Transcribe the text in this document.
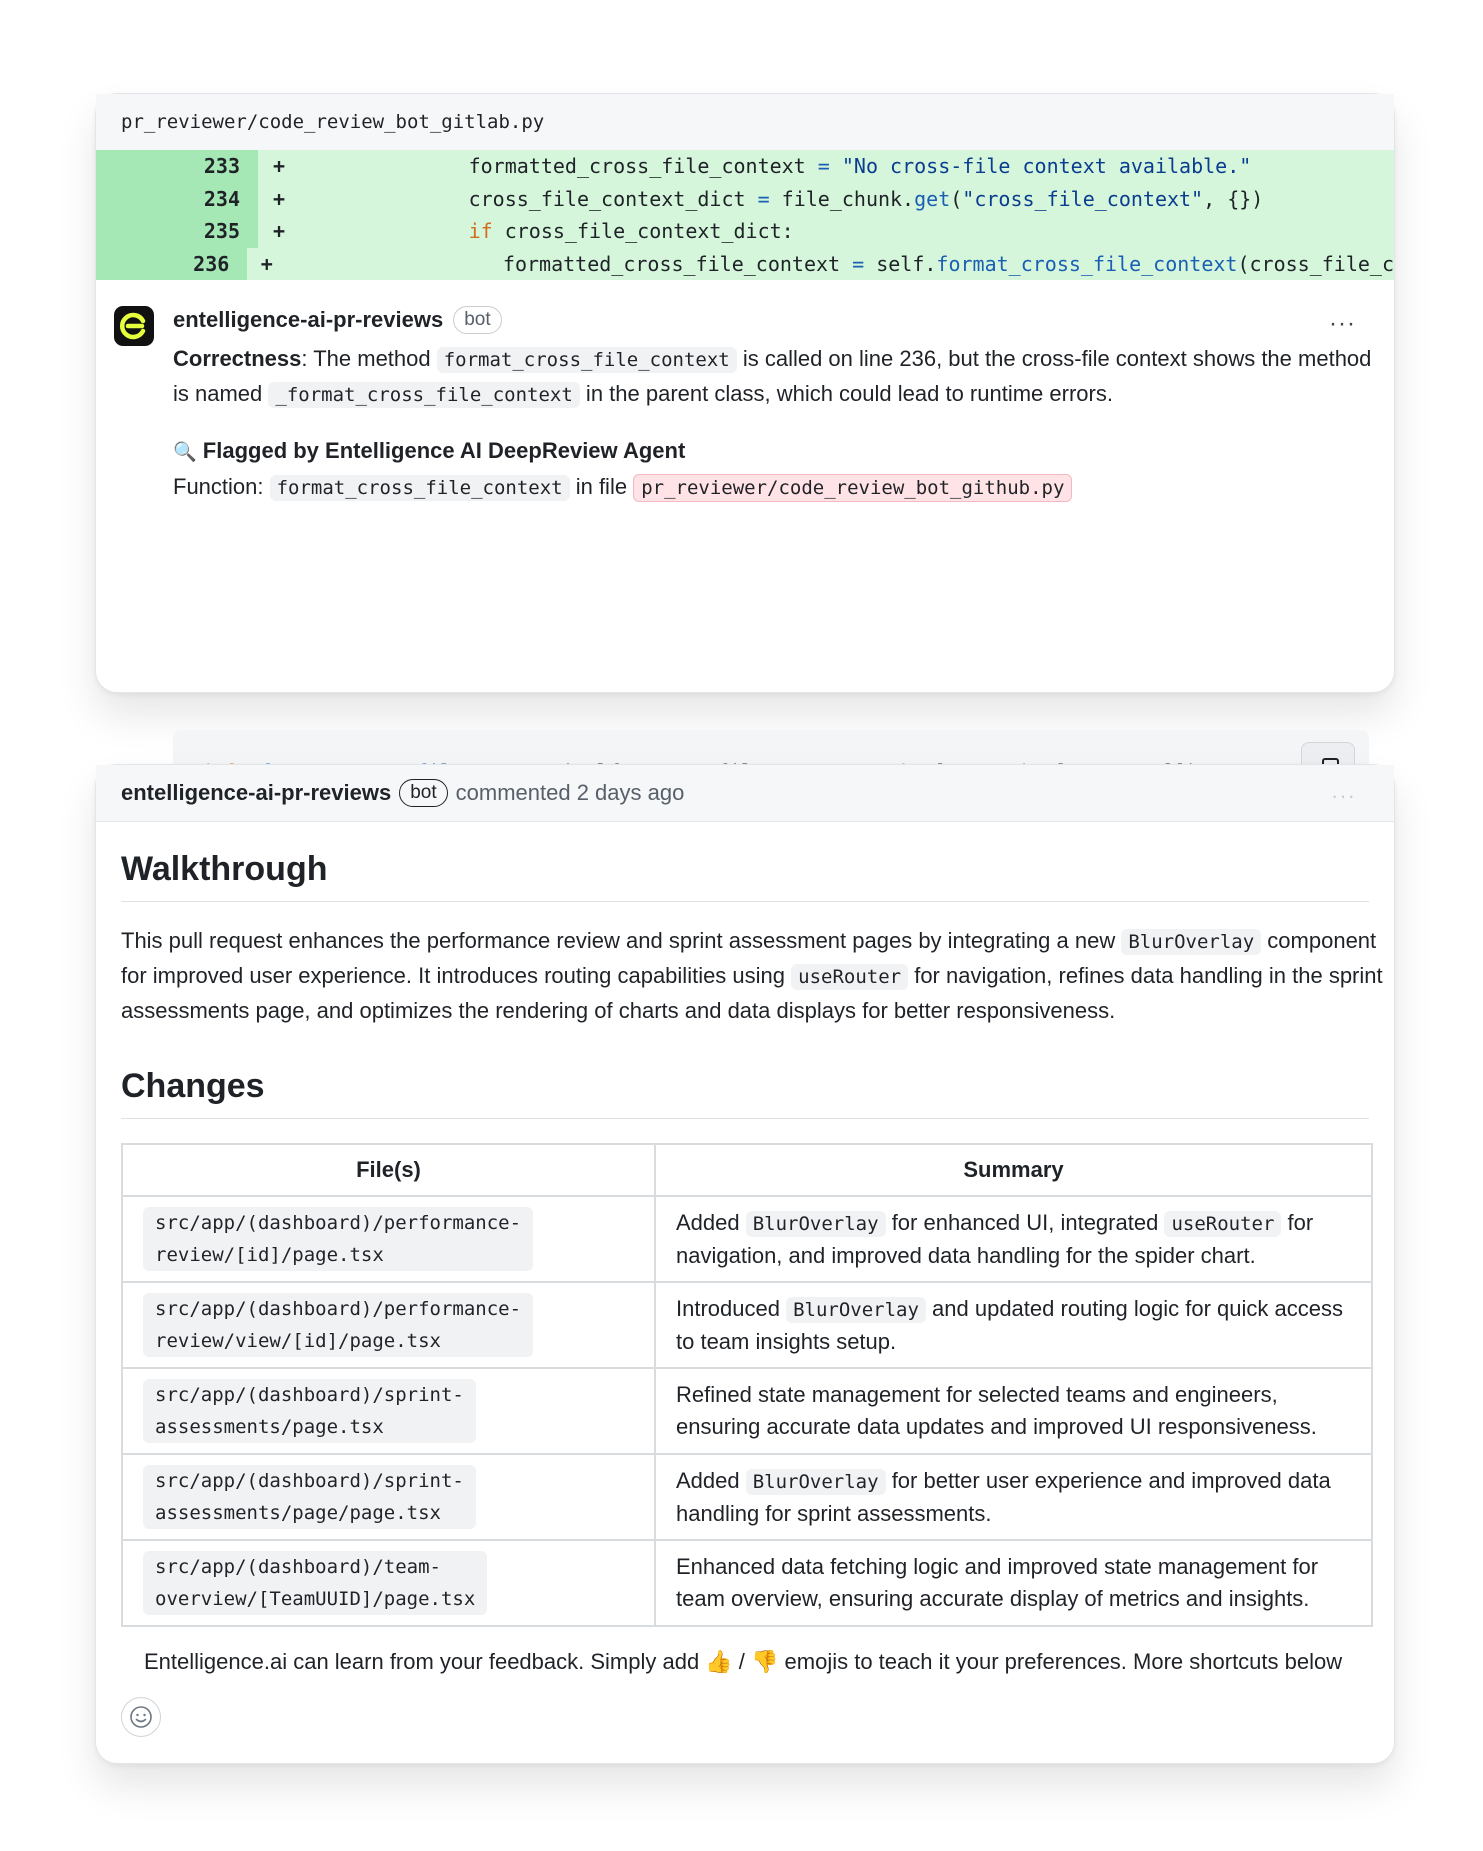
pr_reviewer/code_review_bot_gitlab.py
233	+	formatted_cross_file_context = "No cross-file context available."
234	+	cross_file_context_dict = file_chunk.get("cross_file_context", {})
235	+	if cross_file_context_dict:
236	+	formatted_cross_file_context = self.format_cross_file_context(cross_file_c
entelligence-ai-pr-reviews	bot	···

Correctness: The method format_cross_file_context is called on line 236, but the cross-file context shows the method is named _format_cross_file_context in the parent class, which could lead to runtime errors.

🔍 Flagged by Entelligence AI DeepReview Agent

Function: format_cross_file_context in file pr_reviewer/code_review_bot_github.py

entelligence-ai-pr-reviews	bot commented 2 days ago	···
Walkthrough

This pull request enhances the performance review and sprint assessment pages by integrating a new BlurOverlay component for improved user experience. It introduces routing capabilities using useRouter for navigation, refines data handling in the sprint assessments page, and optimizes the rendering of charts and data displays for better responsiveness.

Changes
File(s)	Summary
src/app/(dashboard)/performance-
review/[id]/page.tsx	Added BlurOverlay for enhanced UI, integrated useRouter for navigation, and improved data handling for the spider chart.
src/app/(dashboard)/performance-
review/view/[id]/page.tsx	Introduced BlurOverlay and updated routing logic for quick access to team insights setup.
src/app/(dashboard)/sprint-
assessments/page.tsx	Refined state management for selected teams and engineers, ensuring accurate data updates and improved UI responsiveness.
src/app/(dashboard)/sprint-
assessments/page/page.tsx	Added BlurOverlay for better user experience and improved data handling for sprint assessments.
src/app/(dashboard)/team-
overview/[TeamUUID]/page.tsx	Enhanced data fetching logic and improved state management for team overview, ensuring accurate display of metrics and insights.

Entelligence.ai can learn from your feedback. Simply add 👍 / 👎 emojis to teach it your preferences. More shortcuts below
